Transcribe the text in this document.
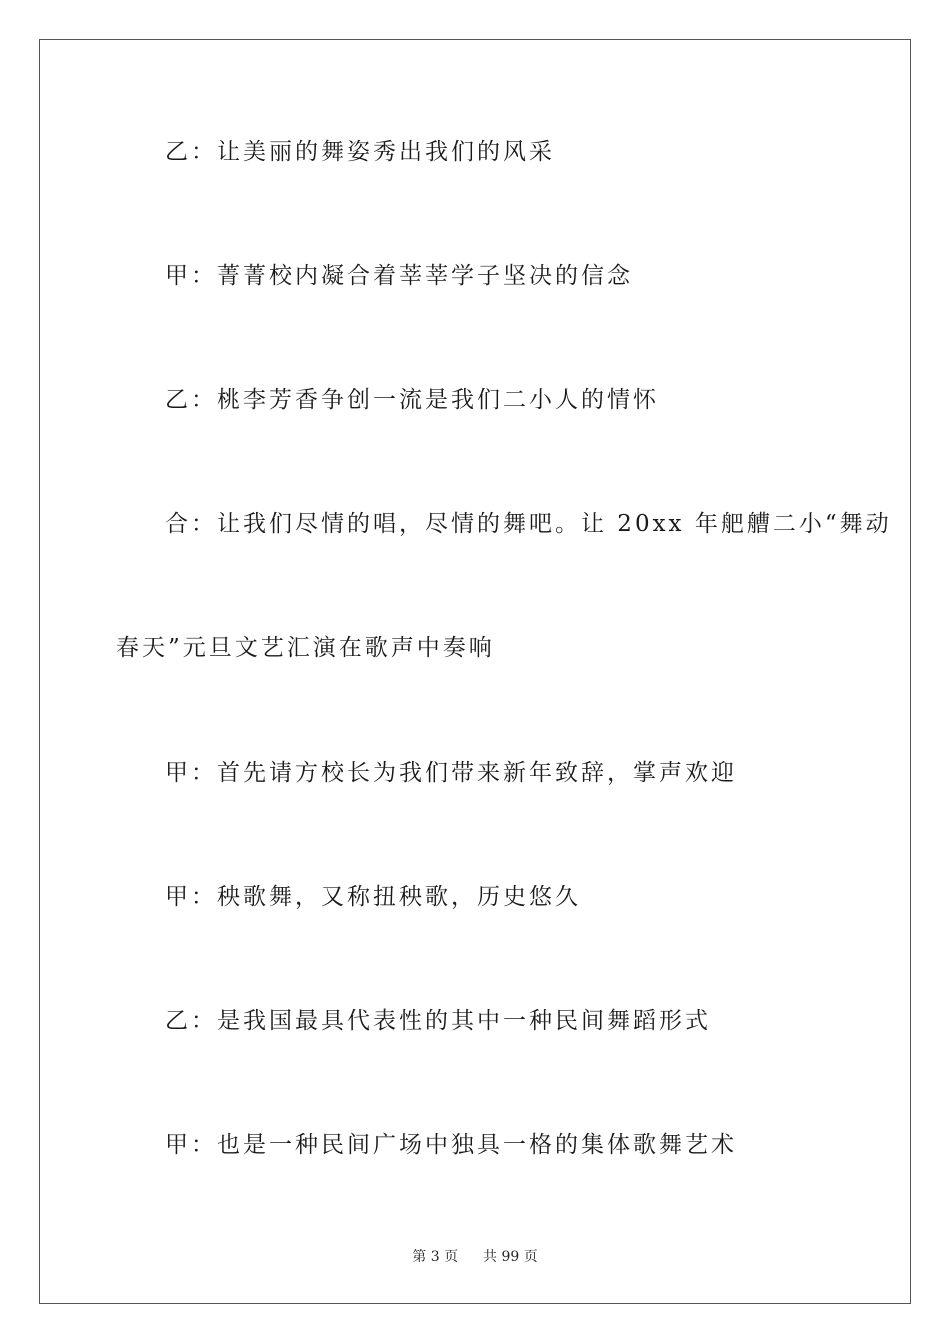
乙：让美丽的舞姿秀出我们的风采
甲：菁菁校内凝合着莘莘学子坚决的信念
乙：桃李芳香争创一流是我们二小人的情怀
合：让我们尽情的唱，尽情的舞吧。让 20xx 年舥艚二小“舞动
春天”元旦文艺汇演在歌声中奏响
甲：首先请方校长为我们带来新年致辞，掌声欢迎
甲：秧歌舞，又称扭秧歌，历史悠久
乙：是我国最具代表性的其中一种民间舞蹈形式
甲：也是一种民间广场中独具一格的集体歌舞艺术
第 3 页 共 99 页
